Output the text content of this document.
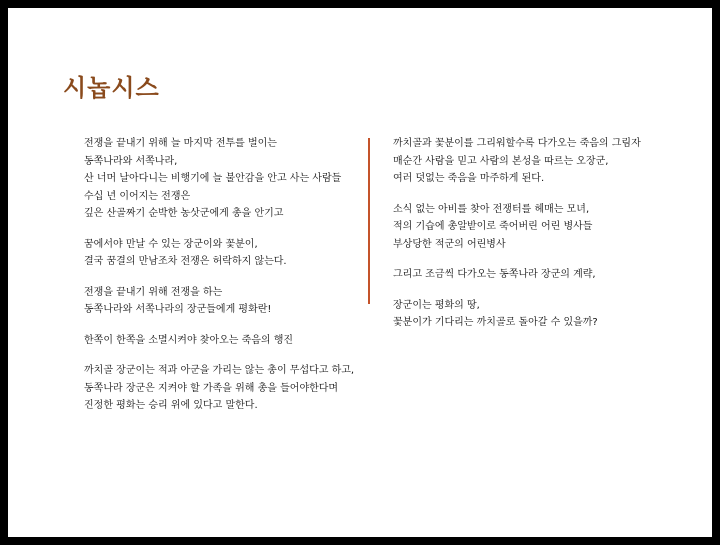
시놉시스

전쟁을 끝내기 위해 늘 마지막 전투를 벌이는
동쪽나라와 서쪽나라,
산 너머 날아다니는 비행기에 늘 불안감을 안고 사는 사람들
수십 년 이어지는 전쟁은
깊은 산골짜기 순박한 농삿군에게 총을 안기고

꿈에서야 만날 수 있는 장군이와 꽃분이,
결국 꿈결의 만남조차 전쟁은 허락하지 않는다.

전쟁을 끝내기 위해 전쟁을 하는
동쪽나라와 서쪽나라의 장군들에게 평화란!

한쪽이 한쪽을 소멸시켜야 찾아오는 죽음의 행진

까치골 장군이는 적과 아군을 가리는 않는 총이 무섭다고 하고,
동쪽나라 장군은 지켜야 할 가족을 위해 총을 들어야한다며
진정한 평화는 승리 위에 있다고 말한다.

까치골과 꽃분이를 그리워할수록 다가오는 죽음의 그림자
매순간 사람을 믿고 사람의 본성을 따르는 오장군,
여러 덧없는 죽음을 마주하게 된다.

소식 없는 아비를 찾아 전쟁터를 헤매는 모녀,
적의 기습에 총알받이로 죽어버린 어린 병사들
부상당한 적군의 어린병사

그리고 조금씩 다가오는 동쪽나라 장군의 계략,

장군이는 평화의 땅,
꽃분이가 기다리는 까치골로 돌아갈 수 있을까?
